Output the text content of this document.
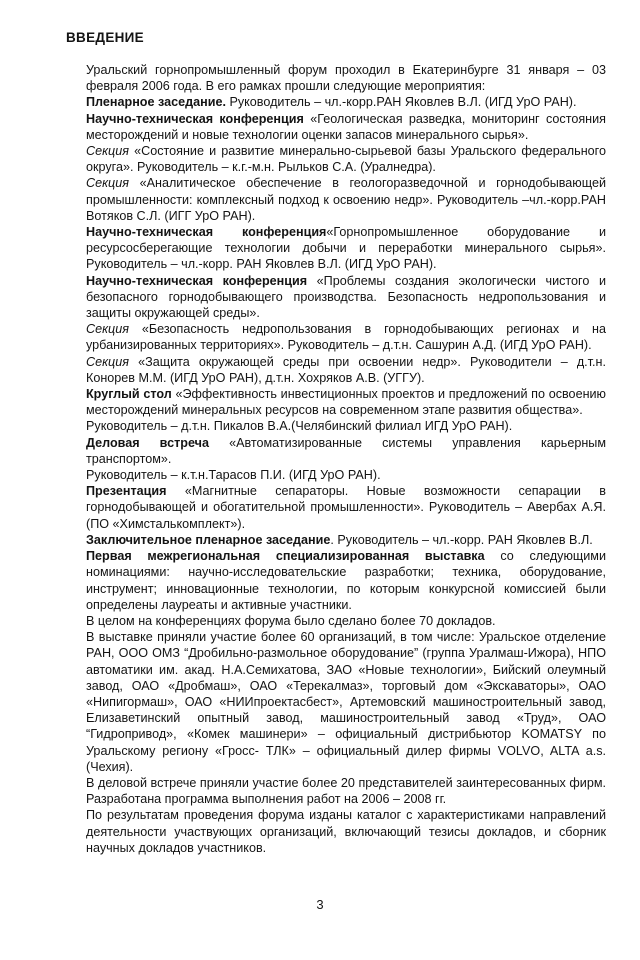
ВВЕДЕНИЕ

Уральский горнопромышленный форум проходил в Екатеринбурге 31 января – 03 февраля 2006 года. В его рамках прошли следующие мероприятия:

Пленарное заседание. Руководитель – чл.-корр.РАН Яковлев В.Л. (ИГД УрО РАН).

Научно-техническая конференция «Геологическая разведка, мониторинг состояния месторождений и новые технологии оценки запасов минерального сырья».

Секция «Состояние и развитие минерально-сырьевой базы Уральского федерального округа». Руководитель – к.г.-м.н. Рыльков С.А. (Уралнедра).

Секция «Аналитическое обеспечение в геологоразведочной и горнодобывающей промышленности: комплексный подход к освоению недр». Руководитель –чл.-корр.РАН Вотяков С.Л. (ИГГ УрО РАН).

Научно-техническая конференция«Горнопромышленное оборудование и ресурсосберегающие технологии добычи и переработки минерального сырья». Руководитель – чл.-корр. РАН Яковлев В.Л. (ИГД УрО РАН).

Научно-техническая конференция «Проблемы создания экологически чистого и безопасного горнодобывающего производства. Безопасность недропользования и защиты окружающей среды».

Секция «Безопасность недропользования в горнодобывающих регионах и на урбанизированных территориях». Руководитель – д.т.н. Сашурин А.Д. (ИГД УрО РАН).

Секция «Защита окружающей среды при освоении недр». Руководители – д.т.н. Конорев М.М. (ИГД УрО РАН), д.т.н. Хохряков А.В. (УГГУ).

Круглый стол «Эффективность инвестиционных проектов и предложений по освоению месторождений минеральных ресурсов на современном этапе развития общества».

Руководитель – д.т.н. Пикалов В.А.(Челябинский филиал ИГД УрО РАН).

Деловая встреча «Автоматизированные системы управления карьерным транспортом».

Руководитель – к.т.н.Тарасов П.И. (ИГД УрО РАН).

Презентация «Магнитные сепараторы. Новые возможности сепарации в горнодобывающей и обогатительной промышленности». Руководитель – Авербах А.Я. (ПО «Химсталькомплект»).

Заключительное пленарное заседание. Руководитель – чл.-корр. РАН Яковлев В.Л.

Первая межрегиональная специализированная выставка со следующими номинациями: научно-исследовательские разработки; техника, оборудование, инструмент; инновационные технологии, по которым конкурсной комиссией были определены лауреаты и активные участники.

В целом на конференциях форума было сделано более 70 докладов.

В выставке приняли участие более 60 организаций, в том числе: Уральское отделение РАН, ООО ОМЗ “Дробильно-размольное оборудование” (группа Уралмаш-Ижора), НПО автоматики им. акад. Н.А.Семихатова, ЗАО «Новые технологии», Бийский олеумный завод, ОАО «Дробмаш», ОАО «Терекалмаз», торговый дом «Экскаваторы», ОАО «Нипигормаш», ОАО «НИИпроектасбест», Артемовский машиностроительный завод, Елизаветинский опытный завод, машиностроительный завод «Труд», ОАО “Гидропривод», «Комек машинери» – официальный дистрибьютор KOMATSY по Уральскому региону «Гросс- ТЛК» – официальный дилер фирмы VOLVO, ALTA a.s. (Чехия).

В деловой встрече приняли участие более 20 представителей заинтересованных фирм. Разработана программа выполнения работ на 2006 – 2008 гг.

По результатам проведения форума изданы каталог с характеристиками направлений деятельности участвующих организаций, включающий тезисы докладов, и сборник научных докладов участников.

3
